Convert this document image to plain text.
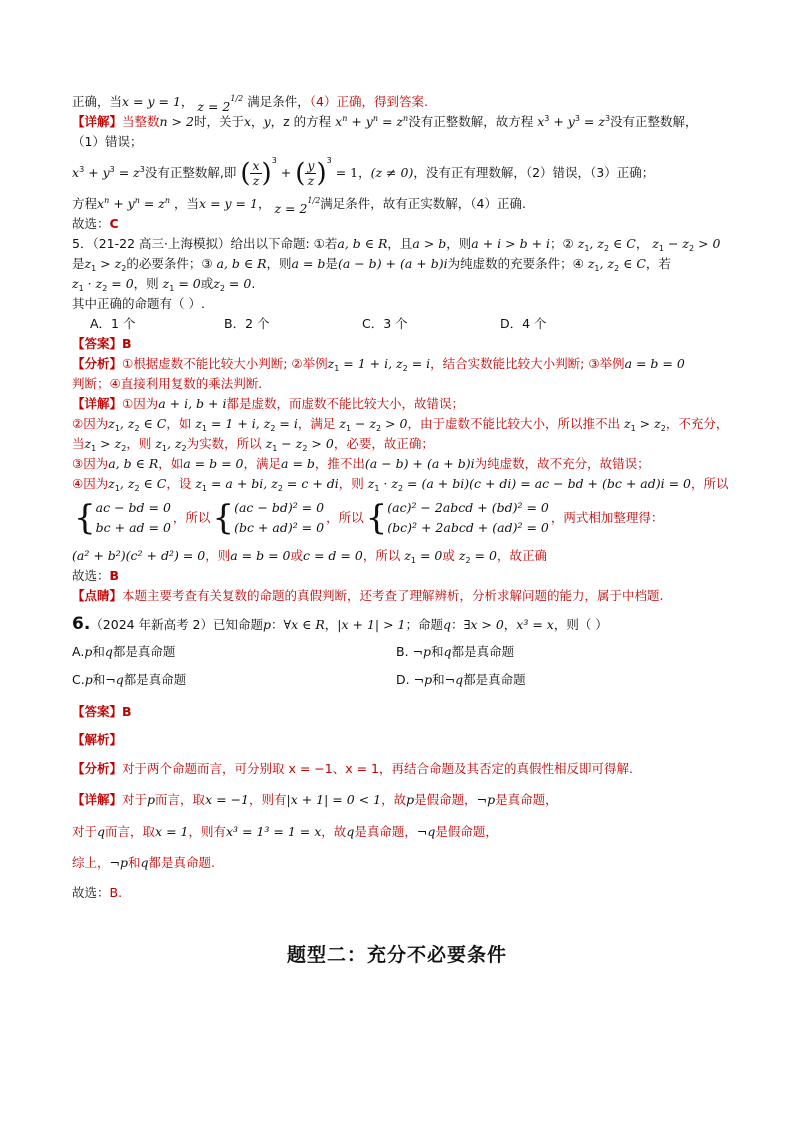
正确，当x = y = 1， $z = 2^{1/2}$ 满足条件，（4）正确，得到答案.
【详解】当整数n > 2时，关于x，y，z 的方程 $x^n + y^n = z^n$没有正整数解，故方程 $x^3 + y^3 = z^3$没有正整数解，
（1）错误；
$x^3 + y^3 = z^3$没有正整数解,即 ( $\frac{x}{z} )^3$ + ( $\frac{y}{z} )^3 = 1$，(z ≠ 0)，没有正有理数解，（2）错误，（3）正确；
方程$x^n + y^n = z^n$ ，当x = y = 1， $z = 2^{1/2}$满足条件，故有正实数解，（4）正确.
故选：C
5．（21-22 高三·上海模拟）给出以下命题: ①若a, b ∈ R，且a > b，则a + i > b + i；② $z_1$, $z_2$ ∈ C， $z_1 - z_2 > 0$
是$z_1 > z_2$的必要条件；③ a, b ∈ R，则a = b是(a − b) + (a + b)i为纯虚数的充要条件；④ $z_1$, $z_2$ ∈ C，若
$z_1 \cdot z_2 = 0$，则 $z_1 = 0$或$z_2 = 0$.
其中正确的命题有（ ）.
A．1 个	B．2 个	C．3 个	D．4 个
【答案】B
【分析】①根据虚数不能比较大小判断; ②举例$z_1 = 1 + i$, $z_2 = i$，结合实数能比较大小判断; ③举例a = b = 0
判断；④直接利用复数的乘法判断.
【详解】①因为a + i, b + i都是虚数，而虚数不能比较大小，故错误；
②因为$z_1$, $z_2$ ∈ C，如 $z_1 = 1 + i$, $z_2 = i$，满足 $z_1 - z_2 > 0$，由于虚数不能比较大小，所以推不出 $z_1 > z_2$，不充分，
当$z_1 > z_2$，则 $z_1$, $z_2$为实数，所以 $z_1 - z_2 > 0$，必要，故正确；
③因为a, b ∈ R，如a = b = 0，满足a = b，推不出(a − b) + (a + b)i为纯虚数，故不充分，故错误；
④因为$z_1$, $z_2$ ∈ C，设 $z_1 = a$ + bi, $z_2 = c$ + di，则 $z_1 \cdot z_2 = (a + bi)(c + di)$ = ac − bd + (bc + ad)i = 0，所以
{ ac − bd = 0
bc + ad = 0
，所以 { (ac − bd)² = 0
(bc + ad)² = 0
，所以 { (ac)² − 2abcd + (bd)² = 0
(bc)² + 2abcd + (ad)² = 0
，两式相加整理得：
(a² + b²)(c² + d²) = 0，则a = b = 0或c = d = 0，所以 $z_1 = 0$或 $z_2 = 0$，故正确
故选：B
【点睛】本题主要考查有关复数的命题的真假判断，还考查了理解辨析，分析求解问题的能力，属于中档题.
6.（2024 年新高考 2）已知命题p：∀x ∈ R，|x + 1| > 1；命题q：∃x > 0，x³ = x，则（ ）
A.p和q都是真命题	B. ¬p和q都是真命题
C.p和¬q都是真命题	D. ¬p和¬q都是真命题
【答案】B
【解析】
【分析】对于两个命题而言，可分别取 x = −1、x = 1，再结合命题及其否定的真假性相反即可得解.
【详解】对于p而言，取x = −1，则有|x + 1| = 0 < 1，故p是假命题，¬p是真命题，
对于q而言，取x = 1，则有x³ = 1³ = 1 = x，故q是真命题，¬q是假命题，
综上，¬p和q都是真命题.
故选：B.
题型二：充分不必要条件
